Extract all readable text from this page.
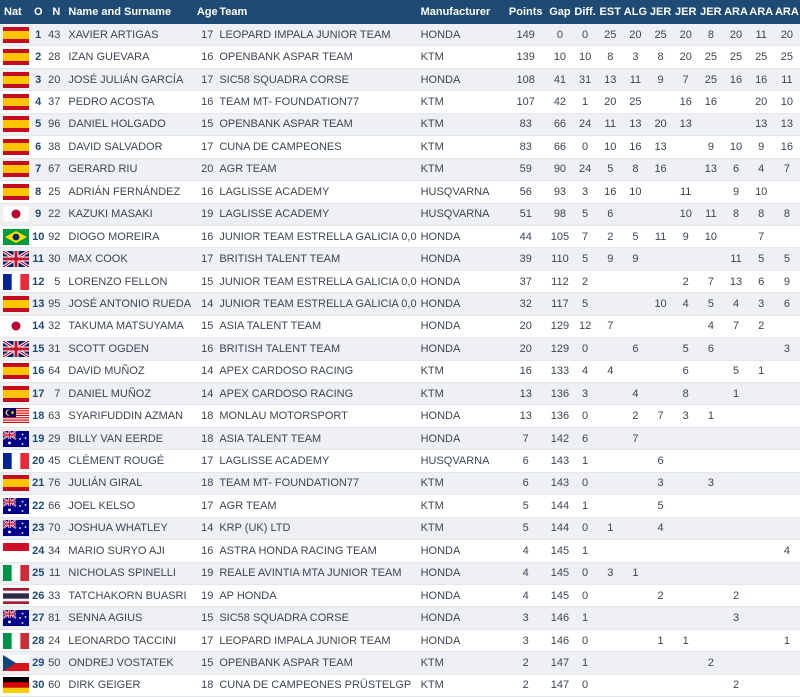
Nat	O	N	Name and Surname	Age	Team	Manufacturer	Points	Gap	Diff.	EST	ALG	JER	JER	JER	ARA	ARA	ARA

	1	43	XAVIER ARTIGAS	17	LEOPARD IMPALA JUNIOR TEAM	HONDA	149	0	0	25	20	25	20	8	20	11	20

	2	28	IZAN GUEVARA	16	OPENBANK ASPAR TEAM	KTM	139	10	10	8	3	8	20	25	25	25	25

	3	20	JOSÉ JULIÁN GARCÍA	17	SIC58 SQUADRA CORSE	HONDA	108	41	31	13	11	9	7	25	16	16	11

	4	37	PEDRO ACOSTA	16	TEAM MT- FOUNDATION77	KTM	107	42	1	20	25		16	16		20	10

	5	96	DANIEL HOLGADO	15	OPENBANK ASPAR TEAM	KTM	83	66	24	11	13	20	13			13	13

	6	38	DAVID SALVADOR	17	CUNA DE CAMPEONES	KTM	83	66	0	10	16	13		9	10	9	16

	7	67	GERARD RIU	20	AGR TEAM	KTM	59	90	24	5	8	16		13	6	4	7

	8	25	ADRIÁN FERNÁNDEZ	16	LAGLISSE ACADEMY	HUSQVARNA	56	93	3	16	10		11		9	10	

	9	22	KAZUKI MASAKI	19	LAGLISSE ACADEMY	HUSQVARNA	51	98	5	6			10	11	8	8	8

	10	92	DIOGO MOREIRA	16	JUNIOR TEAM ESTRELLA GALICIA 0,0	HONDA	44	105	7	2	5	11	9	10		7	

	11	30	MAX COOK	17	BRITISH TALENT TEAM	HONDA	39	110	5	9	9				11	5	5

	12	5	LORENZO FELLON	15	JUNIOR TEAM ESTRELLA GALICIA 0,0	HONDA	37	112	2				2	7	13	6	9

	13	95	JOSÉ ANTONIO RUEDA	14	JUNIOR TEAM ESTRELLA GALICIA 0,0	HONDA	32	117	5			10	4	5	4	3	6

	14	32	TAKUMA MATSUYAMA	15	ASIA TALENT TEAM	HONDA	20	129	12	7				4	7	2	

	15	31	SCOTT OGDEN	16	BRITISH TALENT TEAM	HONDA	20	129	0		6		5	6			3

	16	64	DAVID MUÑOZ	14	APEX CARDOSO RACING	KTM	16	133	4	4			6		5	1	

	17	7	DANIEL MUÑOZ	14	APEX CARDOSO RACING	KTM	13	136	3		4		8		1		

	18	63	SYARIFUDDIN AZMAN	18	MONLAU MOTORSPORT	HONDA	13	136	0		2	7	3	1			

	19	29	BILLY VAN EERDE	18	ASIA TALENT TEAM	HONDA	7	142	6		7						

	20	45	CLÉMENT ROUGÉ	17	LAGLISSE ACADEMY	HUSQVARNA	6	143	1			6					

	21	76	JULIÁN GIRAL	18	TEAM MT- FOUNDATION77	KTM	6	143	0			3		3			

	22	66	JOEL KELSO	17	AGR TEAM	KTM	5	144	1			5					

	23	70	JOSHUA WHATLEY	14	KRP (UK) LTD	KTM	5	144	0	1		4					

	24	34	MARIO SURYO AJI	16	ASTRA HONDA RACING TEAM	HONDA	4	145	1								4

	25	11	NICHOLAS SPINELLI	19	REALE AVINTIA MTA JUNIOR TEAM	HONDA	4	145	0	3	1						

	26	33	TATCHAKORN BUASRI	19	AP HONDA	HONDA	4	145	0			2			2		

	27	81	SENNA AGIUS	15	SIC58 SQUADRA CORSE	HONDA	3	146	1						3		

	28	24	LEONARDO TACCINI	17	LEOPARD IMPALA JUNIOR TEAM	HONDA	3	146	0			1	1				1

	29	50	ONDREJ VOSTATEK	15	OPENBANK ASPAR TEAM	KTM	2	147	1					2			

	30	60	DIRK GEIGER	18	CUNA DE CAMPEONES PRÜSTELGP	KTM	2	147	0						2		
